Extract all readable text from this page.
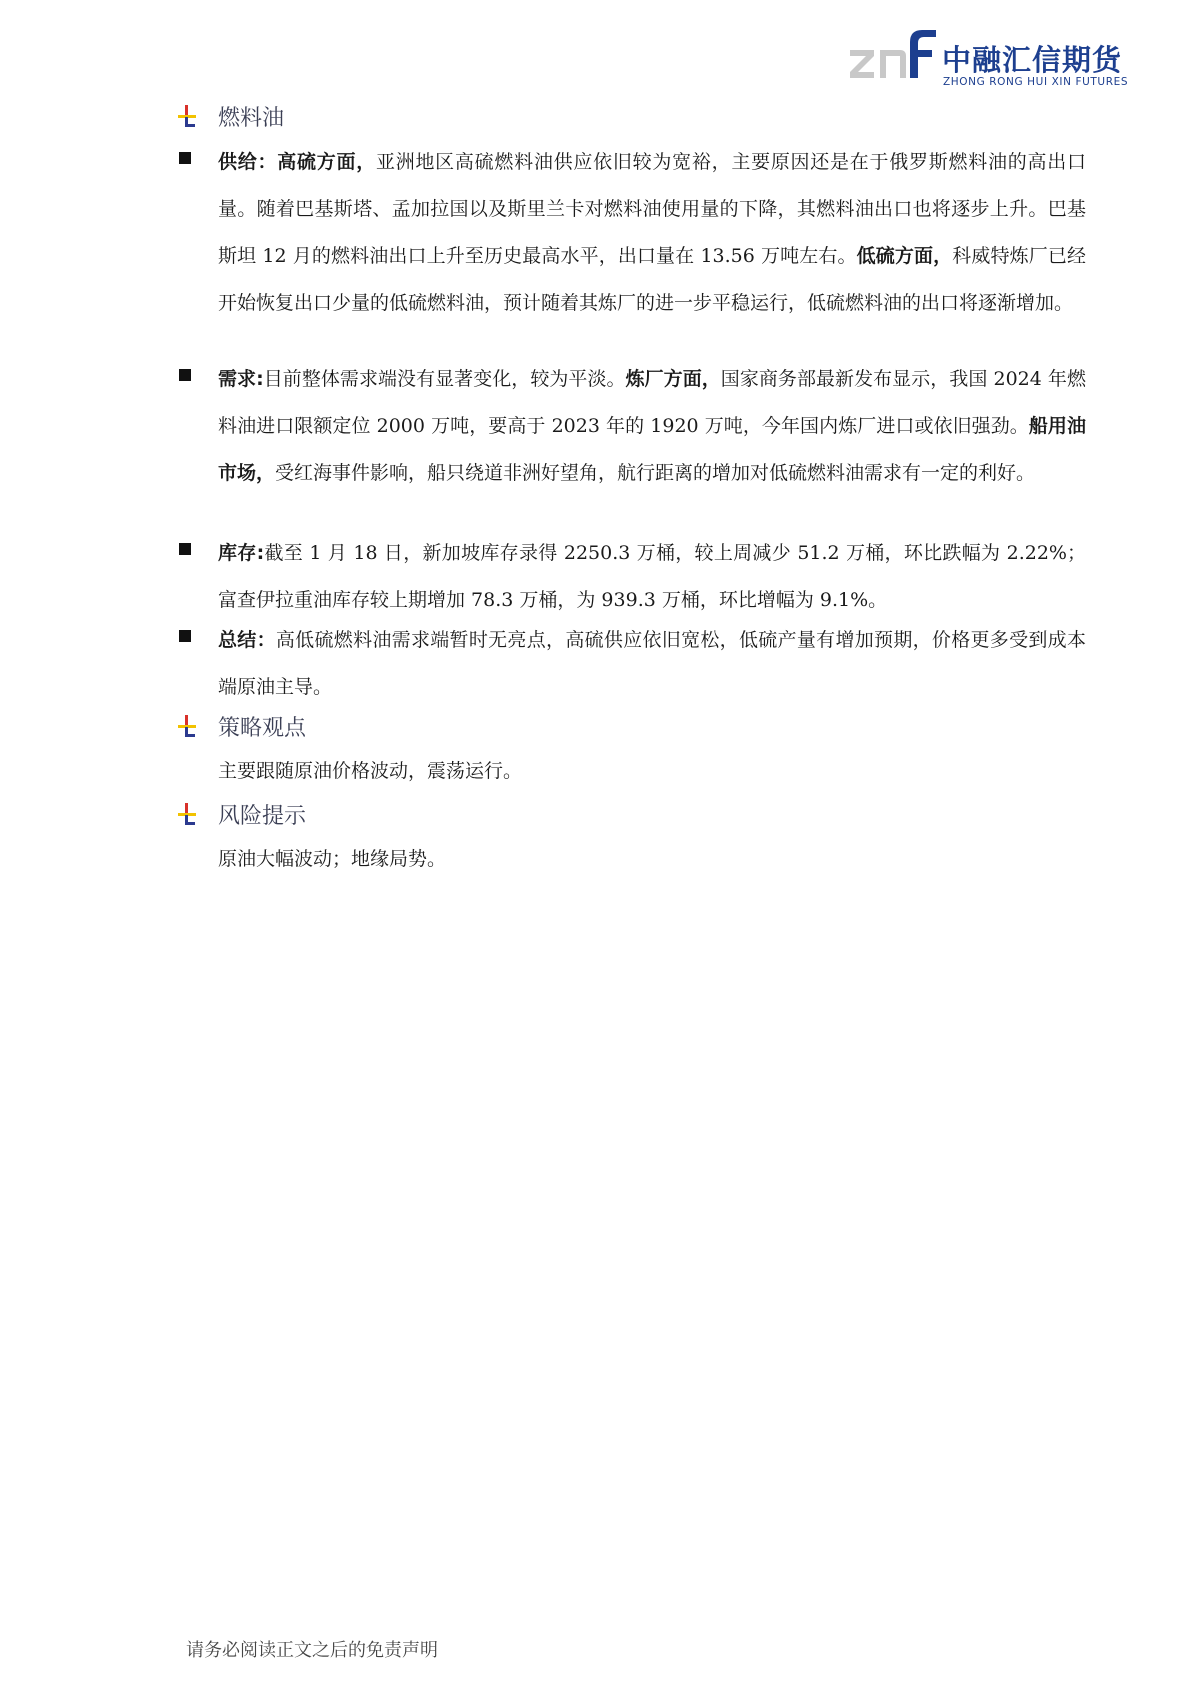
中融汇信期货
ZHONG RONG HUI XIN FUTURES
燃料油
供给：高硫方面，亚洲地区高硫燃料油供应依旧较为宽裕，主要原因还是在于俄罗斯燃料油的高出口量。随着巴基斯塔、孟加拉国以及斯里兰卡对燃料油使用量的下降，其燃料油出口也将逐步上升。巴基斯坦 12 月的燃料油出口上升至历史最高水平，出口量在 13.56 万吨左右。低硫方面，科威特炼厂已经开始恢复出口少量的低硫燃料油，预计随着其炼厂的进一步平稳运行，低硫燃料油的出口将逐渐增加。
需求:目前整体需求端没有显著变化，较为平淡。炼厂方面，国家商务部最新发布显示，我国 2024 年燃料油进口限额定位 2000 万吨，要高于 2023 年的 1920 万吨，今年国内炼厂进口或依旧强劲。船用油市场，受红海事件影响，船只绕道非洲好望角，航行距离的增加对低硫燃料油需求有一定的利好。
库存:截至 1 月 18 日，新加坡库存录得 2250.3 万桶，较上周减少 51.2 万桶，环比跌幅为 2.22%；富查伊拉重油库存较上期增加 78.3 万桶，为 939.3 万桶，环比增幅为 9.1%。
总结：高低硫燃料油需求端暂时无亮点，高硫供应依旧宽松，低硫产量有增加预期，价格更多受到成本端原油主导。
策略观点
主要跟随原油价格波动，震荡运行。
风险提示
原油大幅波动；地缘局势。
请务必阅读正文之后的免责声明
